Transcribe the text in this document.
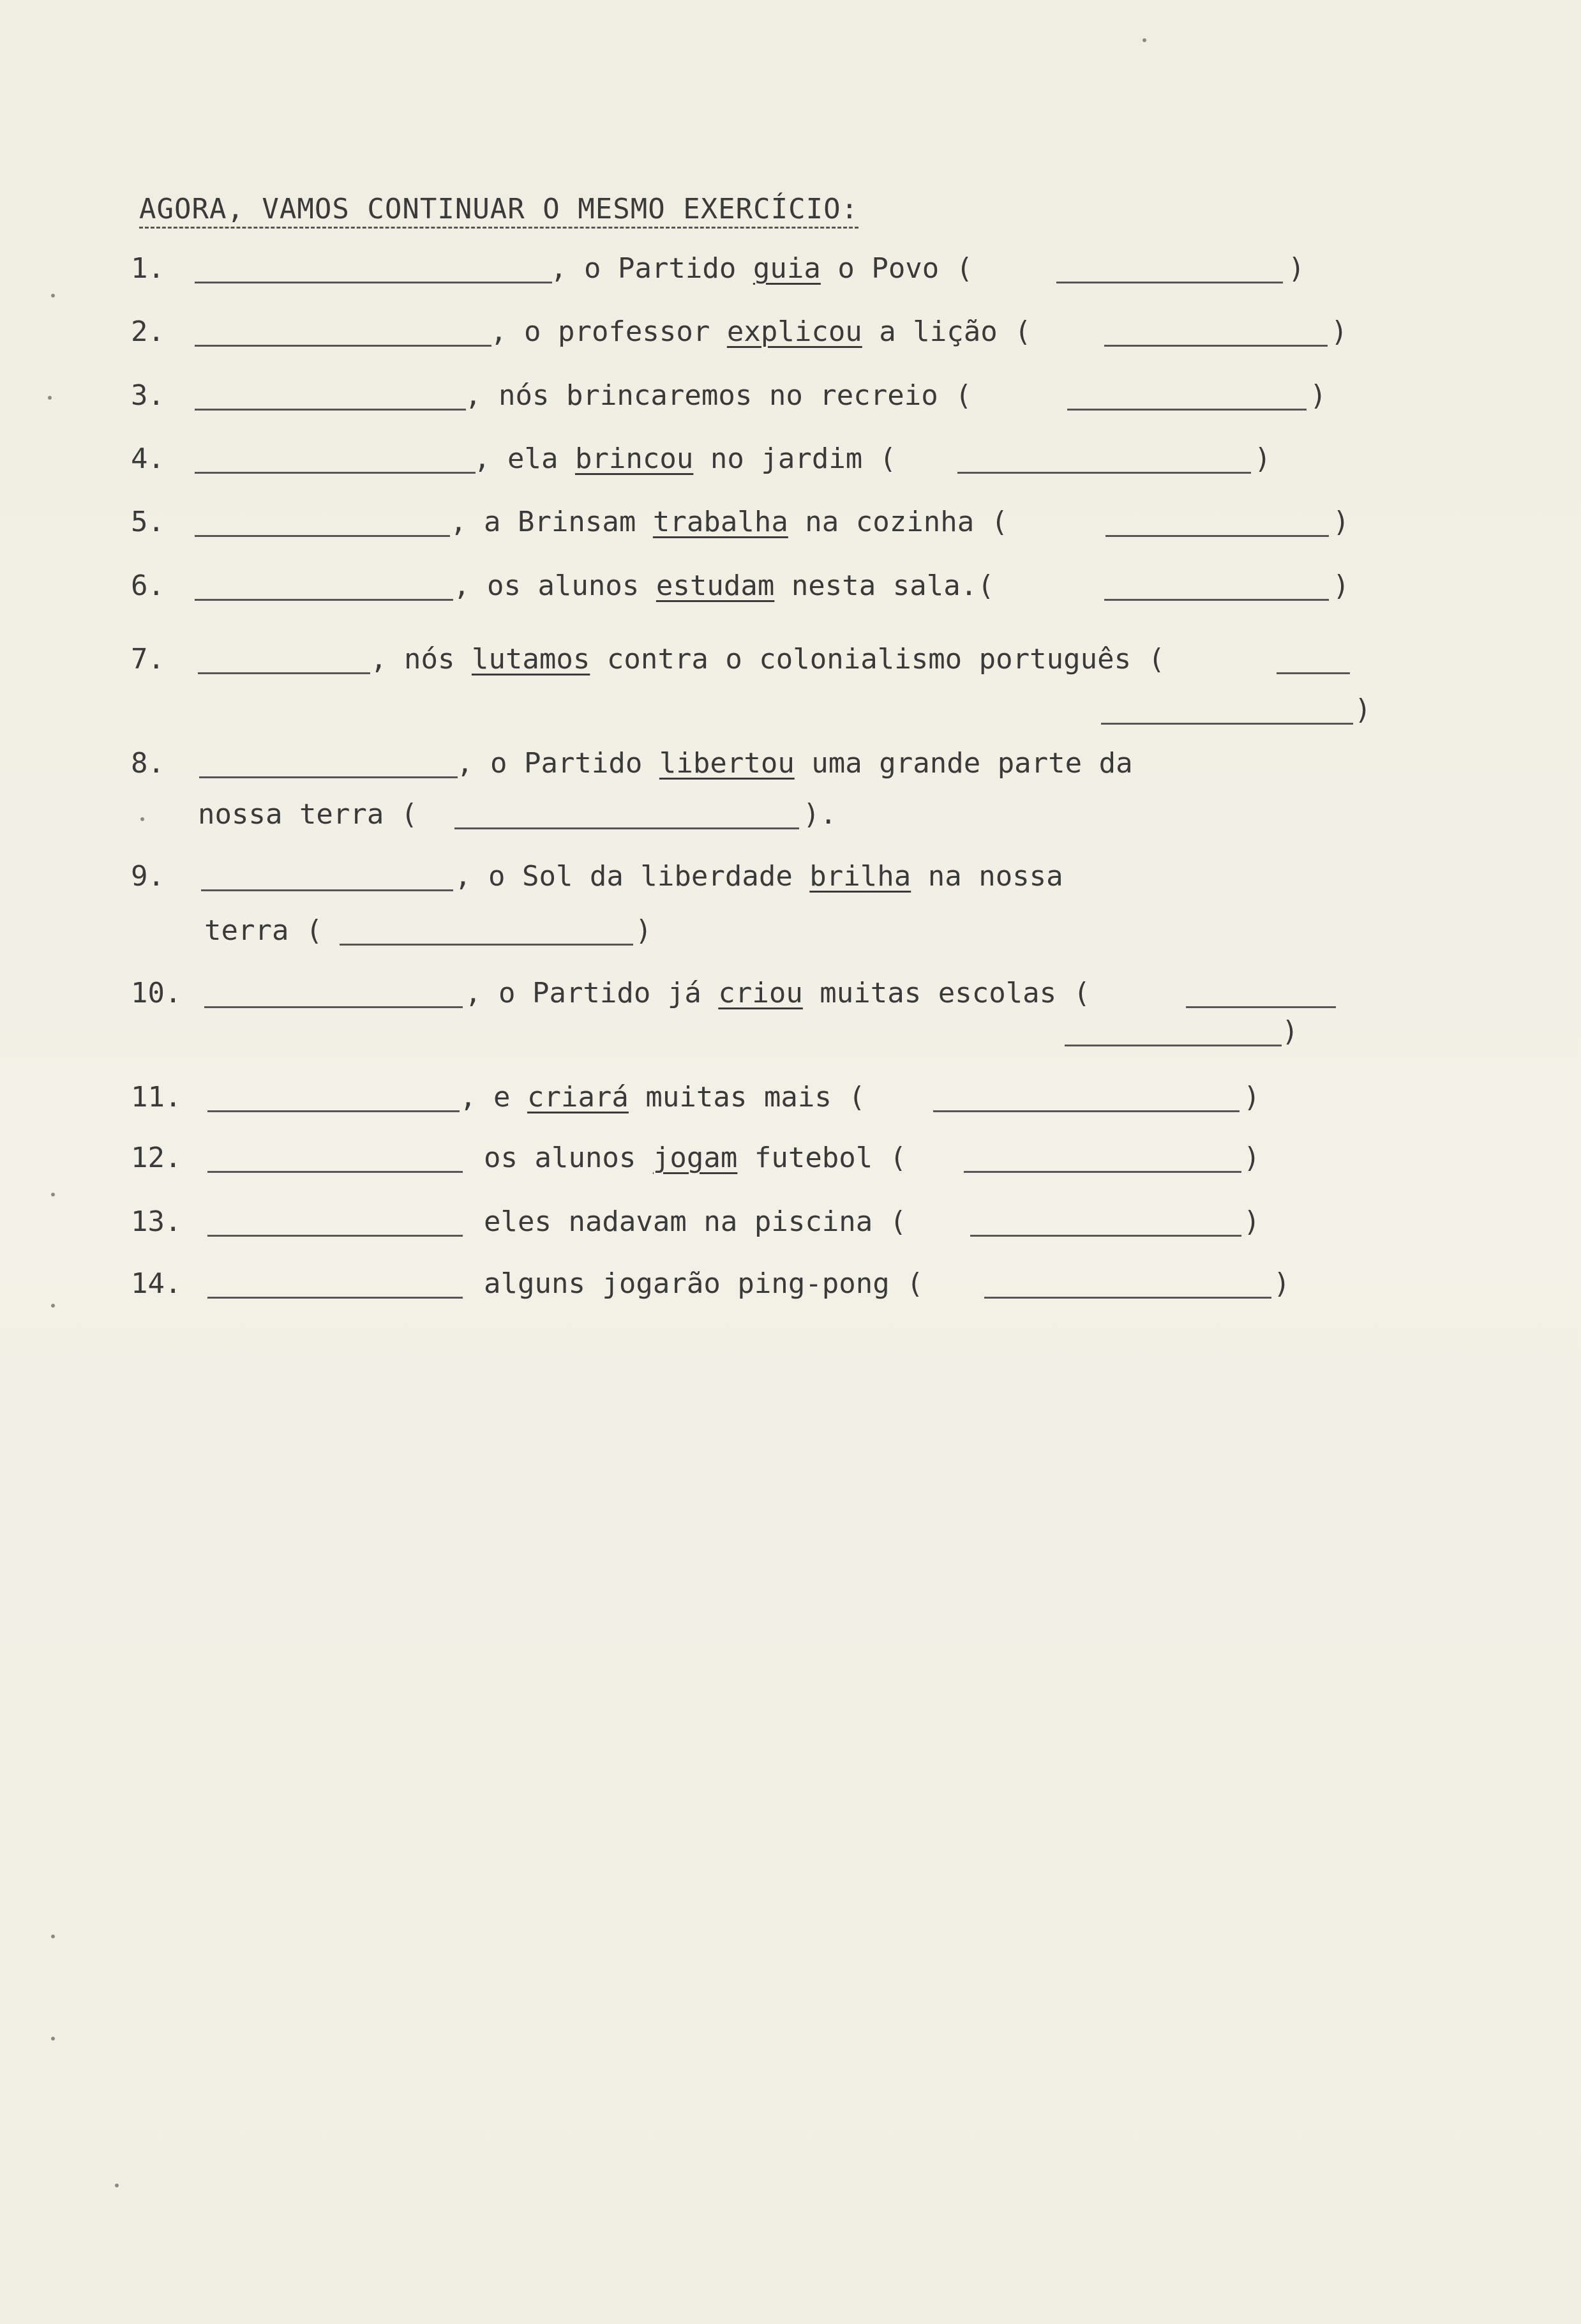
AGORA, VAMOS CONTINUAR O MESMO EXERCÍCIO:
1.	, o Partido guia o Povo (	)
2.	, o professor explicou a lição (	)
3.	, nós brincaremos no recreio (	)
4.	, ela brincou no jardim (	)
5.	, a Brinsam trabalha na cozinha (	)
6.	, os alunos estudam nesta sala.(	)
7.	, nós lutamos contra o colonialismo português (
)
8.	, o Partido libertou uma grande parte da
nossa terra (	).
9.	, o Sol da liberdade brilha na nossa
terra (	)
10.	, o Partido já criou muitas escolas (
)
11.	, e criará muitas mais (	)
12.	os alunos jogam futebol (	)
13.	eles nadavam na piscina (	)
14.	alguns jogarão ping-pong (	)
